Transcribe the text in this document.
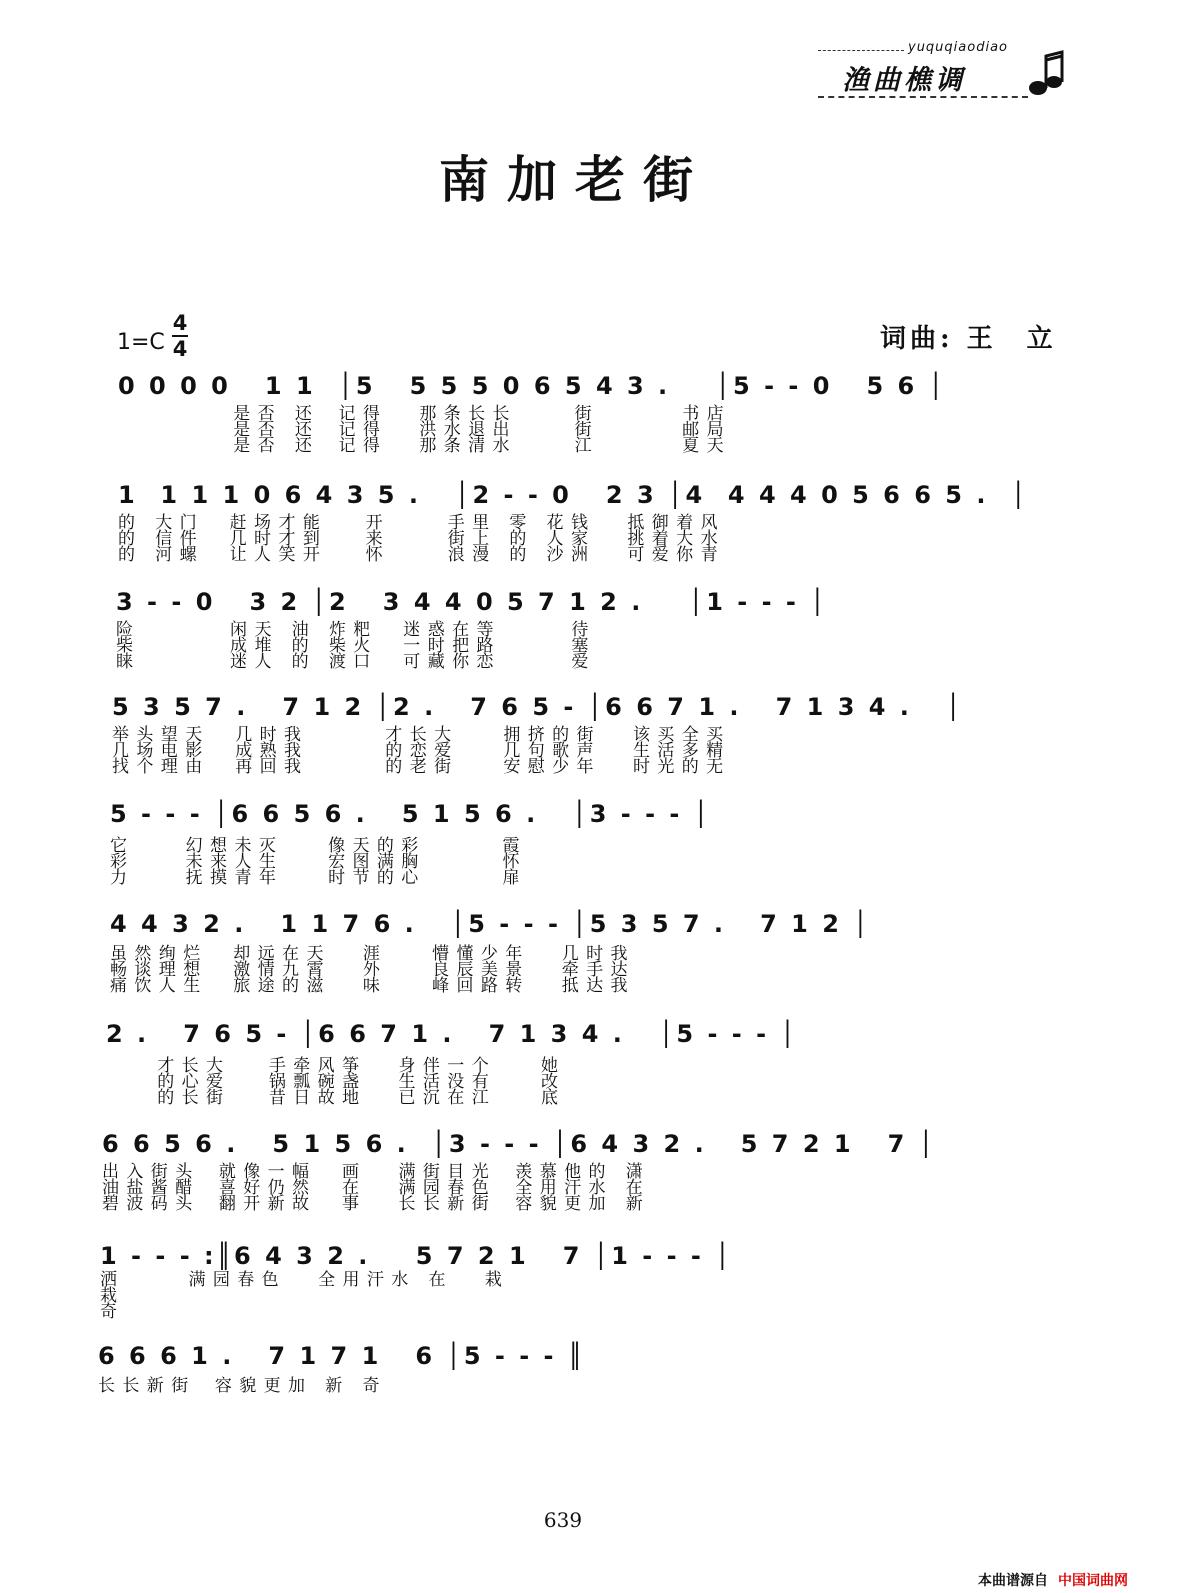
yuquqiaodiao
渔曲樵调
南加老街
1=C
4
4	词曲: 王　立
0 0 0 0   1 1  │5   5 5 5 0 6 5 4 3 .    │5 - - 0   5 6 │
是 否   还    记 得      那 条 长 长          街              书 店
是 否   还    记 得      洪 水 退 出          街              邮 局
是 否   还    记 得      那 条 清 水          江              夏 天
1  1 1 1 0 6 4 3 5 .   │2 - - 0   2 3 │4  4 4 4 0 5 6 6 5 .  │
的   大 门     赶 场 才 能       开          手 里   零   花 钱      抵 御 着 风
的   信 件     几 时 才 到       来          街 上   的   人 家      挑 着 大 水
的   河 螺     让 人 笑 开       怀          浪 漫   的   沙 洲      可 爱 你 青
3 - - 0   3 2 │2   3 4 4 0 5 7 1 2 .    │1 - - - │
险               闲 天   油   炸 粑     迷 惑 在 等            待
柴               成 堆   的   柴 火     一 时 把 路            塞
睐               迷 人   的   渡 口     可 藏 你 恋            爱
5 3 5 7 .   7 1 2 │2 .   7 6 5 - │6 6 7 1 .   7 1 3 4 .   │
举 头 望 天     几 时 我             才 长 大        拥 挤 的 街      该 买 全 买
几 场 电 影     成 熟 我             的 恋 爱        几 句 歌 声      生 活 多 精
找 个 理 由     再 回 我             的 老 街        安 慰 少 年      时 光 的 无
5 - - - │6 6 5 6 .   5 1 5 6 .   │3 - - - │
它         幻 想 未 灭        像 天 的 彩             霞
彩         未 来 人 生        宏 图 满 胸             怀
力         抚 摸 青 年        时 节 的 心             扉
4 4 3 2 .   1 1 7 6 .   │5 - - - │5 3 5 7 .   7 1 2 │
虽 然 绚 烂     却 远 在 天      涯        懵 懂 少 年      几 时 我
畅 谈 理 想     激 情 九 霄      外        良 辰 美 景      牵 手 达
痛 饮 人 生     旅 途 的 滋      味        峰 回 路 转      抵 达 我
2 .   7 6 5 - │6 6 7 1 .   7 1 3 4 .   │5 - - - │
才 长 大       手 牵 风 筝      身 伴 一 个        她
的 心 爱       锅 瓢 碗 盏      生 活 没 有        改
的 长 街       昔 日 故 地      已 沉 在 江        底
6 6 5 6 .   5 1 5 6 .  │3 - - - │6 4 3 2 .   5 7 2 1   7 │
出 入 街 头    就 像 一 幅     画      满 街 目 光    羡 慕 他 的   潇
油 盐 酱 醋    喜 好 仍 然     在      满 园 春 色    全 用 汗 水   在
碧 波 码 头    翻 开 新 故     事      长 长 新 街    容 貌 更 加   新
1 - - - :║6 4 3 2 .    5 7 2 1   7 │1 - - - │
洒           满 园 春 色      全 用 汗 水   在      栽
栽
奇
6 6 6 1 .   7 1 7 1   6 │5 - - - ║
长 长 新 街    容 貌 更 加   新   奇
639
本曲谱源自 中国词曲网
